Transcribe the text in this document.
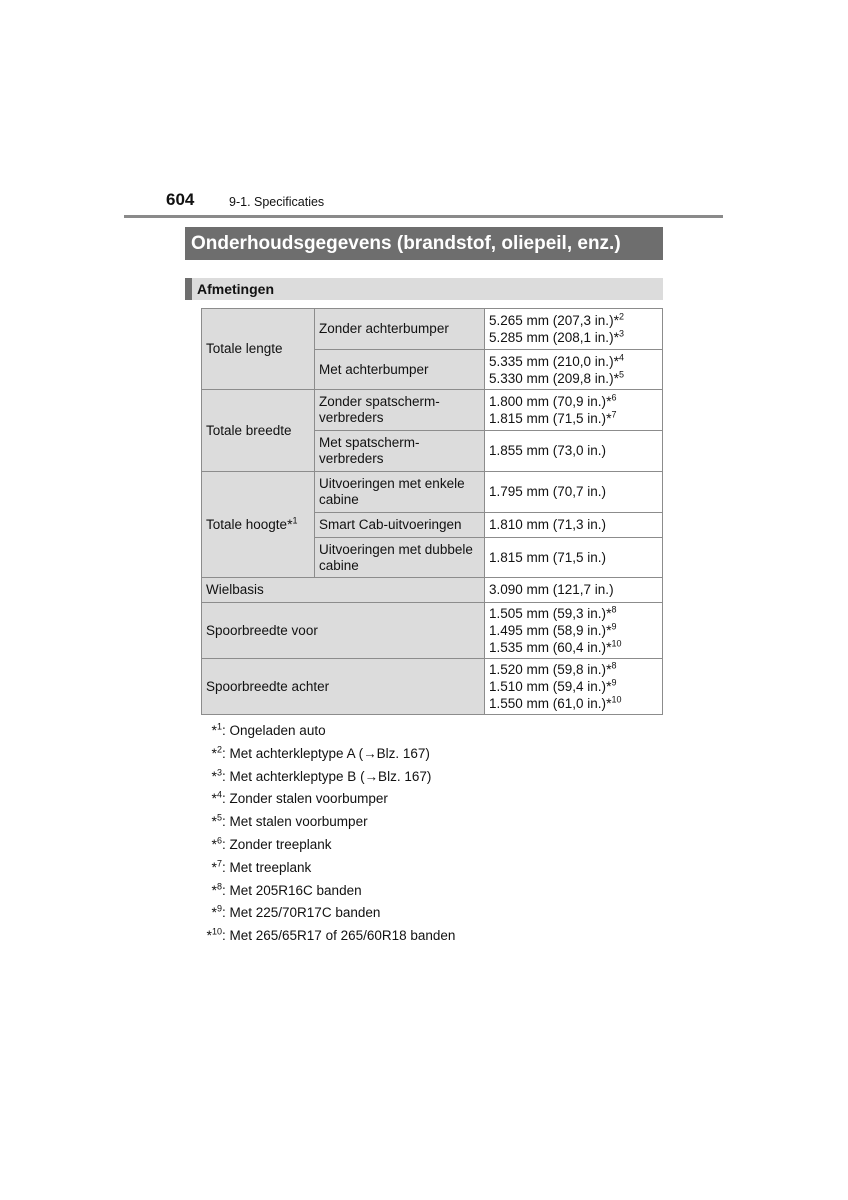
604	9-1. Specificaties
Onderhoudsgegevens (brandstof, oliepeil, enz.)
Afmetingen
Totale lengte	Zonder achterbumper	5.265 mm (207,3 in.)*$^2$
5.285 mm (208,1 in.)*$^3$
	Met achterbumper	5.335 mm (210,0 in.)*$^4$
5.330 mm (209,8 in.)*$^5$
Totale breedte	Zonder spatscherm-
verbreders	1.800 mm (70,9 in.)*$^6$
1.815 mm (71,5 in.)*$^7$
	Met spatscherm-
verbreders	1.855 mm (73,0 in.)
Totale hoogte*$^1$	Uitvoeringen met enkele
cabine	1.795 mm (70,7 in.)
	Smart Cab-uitvoeringen	1.810 mm (71,3 in.)
	Uitvoeringen met dubbele
cabine	1.815 mm (71,5 in.)
Wielbasis		3.090 mm (121,7 in.)
Spoorbreedte voor		1.505 mm (59,3 in.)*$^8$
1.495 mm (58,9 in.)*$^9$
1.535 mm (60,4 in.)*$^{10}$
Spoorbreedte achter		1.520 mm (59,8 in.)*$^8$
1.510 mm (59,4 in.)*$^9$
1.550 mm (61,0 in.)*$^{10}$
*$^1$: Ongeladen auto
*$^2$: Met achterkleptype A (→Blz. 167)
*$^3$: Met achterkleptype B (→Blz. 167)
*$^4$: Zonder stalen voorbumper
*$^5$: Met stalen voorbumper
*$^6$: Zonder treeplank
*$^7$: Met treeplank
*$^8$: Met 205R16C banden
*$^9$: Met 225/70R17C banden
*$^{10}$: Met 265/65R17 of 265/60R18 banden
